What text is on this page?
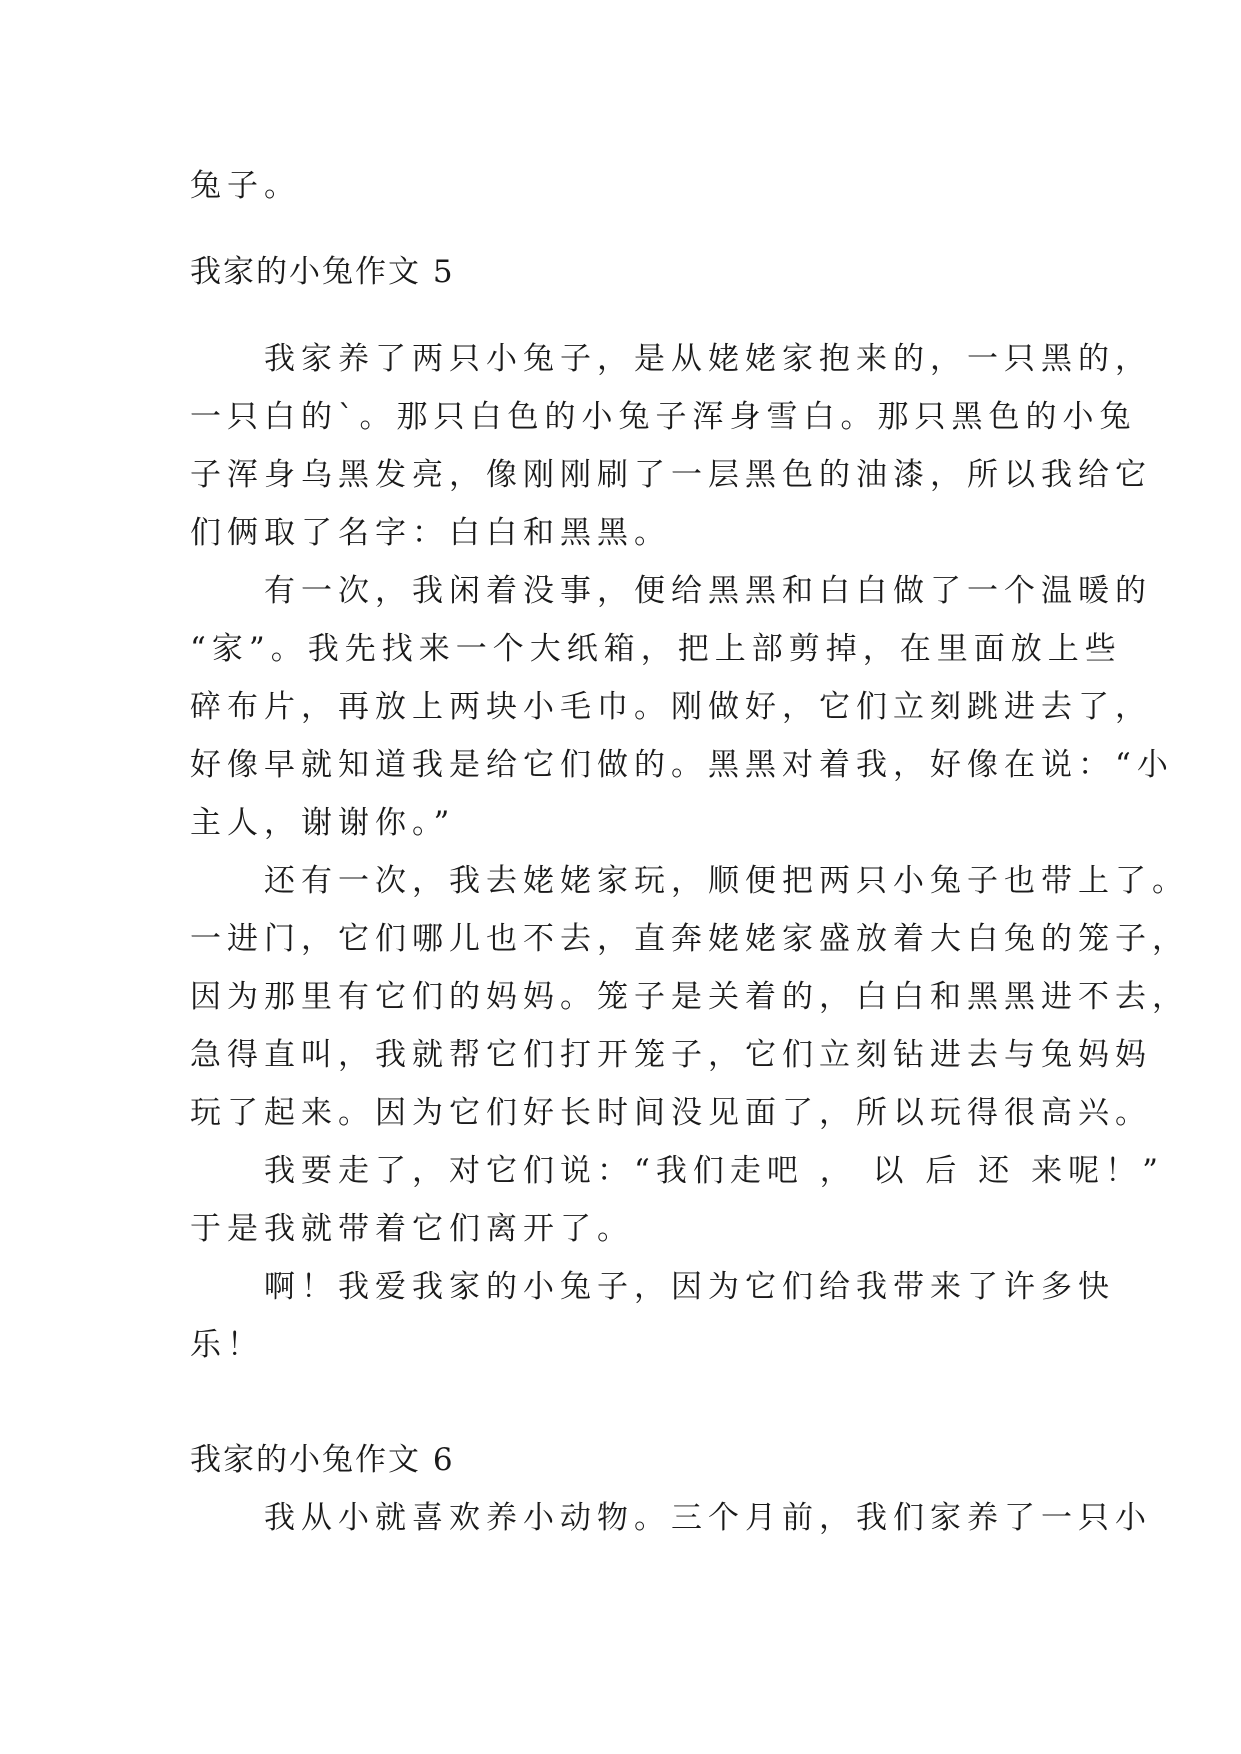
兔子。
我家的小兔作文 5
　　我家养了两只小兔子，是从姥姥家抱来的，一只黑的，
一只白的`。那只白色的小兔子浑身雪白。那只黑色的小兔
子浑身乌黑发亮，像刚刚刷了一层黑色的油漆，所以我给它
们俩取了名字：白白和黑黑。
　　有一次，我闲着没事，便给黑黑和白白做了一个温暖的
“家”。我先找来一个大纸箱，把上部剪掉，在里面放上些
碎布片，再放上两块小毛巾。刚做好，它们立刻跳进去了，
好像早就知道我是给它们做的。黑黑对着我，好像在说：“小
主人，谢谢你。”
　　还有一次，我去姥姥家玩，顺便把两只小兔子也带上了。
一进门，它们哪儿也不去，直奔姥姥家盛放着大白兔的笼子，
因为那里有它们的妈妈。笼子是关着的，白白和黑黑进不去，
急得直叫，我就帮它们打开笼子，它们立刻钻进去与兔妈妈
玩了起来。因为它们好长时间没见面了，所以玩得很高兴。
　　我要走了，对它们说：“我们走吧 ， 以 后 还 来呢！”
于是我就带着它们离开了。
　　啊！我爱我家的小兔子，因为它们给我带来了许多快
乐！
我家的小兔作文 6
　　我从小就喜欢养小动物。三个月前，我们家养了一只小
